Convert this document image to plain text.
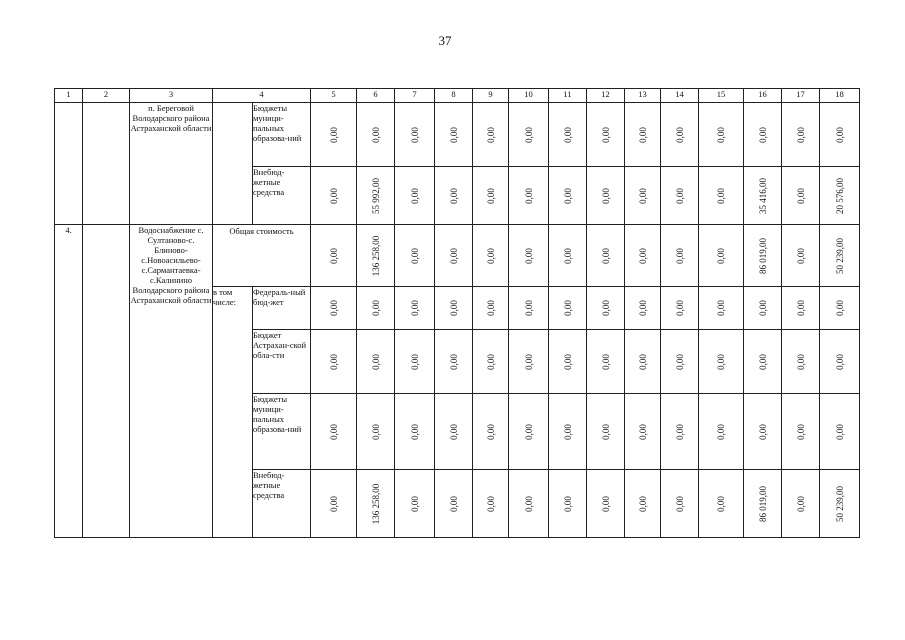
37
1	2	3	4		5	6	7	8	9	10	11	12	13	14	15	16	17	18
		п. Береговой Володарского района Астраханской области		Бюджеты муници-пальных образова-ний	0,00	0,00	0,00	0,00	0,00	0,00	0,00	0,00	0,00	0,00	0,00	0,00	0,00	0,00

				Внебюд-жетные средства	0,00	55 992,00	0,00	0,00	0,00	0,00	0,00	0,00	0,00	0,00	0,00	35 416,00	0,00	20 576,00

4.		Водоснабжение с. Султаново-с. Блиново-с.Новоасильево-с.Сармантаевка-с.Калинино Володарского района Астраханской области	Общая стоимость		0,00	136 258,00	0,00	0,00	0,00	0,00	0,00	0,00	0,00	0,00	0,00	86 019,00	0,00	50 239,00

			в том числе:	Федераль-ный бюд-жет	0,00	0,00	0,00	0,00	0,00	0,00	0,00	0,00	0,00	0,00	0,00	0,00	0,00	0,00

				Бюджет Астрахан-ской обла-сти	0,00	0,00	0,00	0,00	0,00	0,00	0,00	0,00	0,00	0,00	0,00	0,00	0,00	0,00

				Бюджеты муници-пальных образова-ний	0,00	0,00	0,00	0,00	0,00	0,00	0,00	0,00	0,00	0,00	0,00	0,00	0,00	0,00

				Внебюд-жетные средства	0,00	136 258,00	0,00	0,00	0,00	0,00	0,00	0,00	0,00	0,00	0,00	86 019,00	0,00	50 239,00
